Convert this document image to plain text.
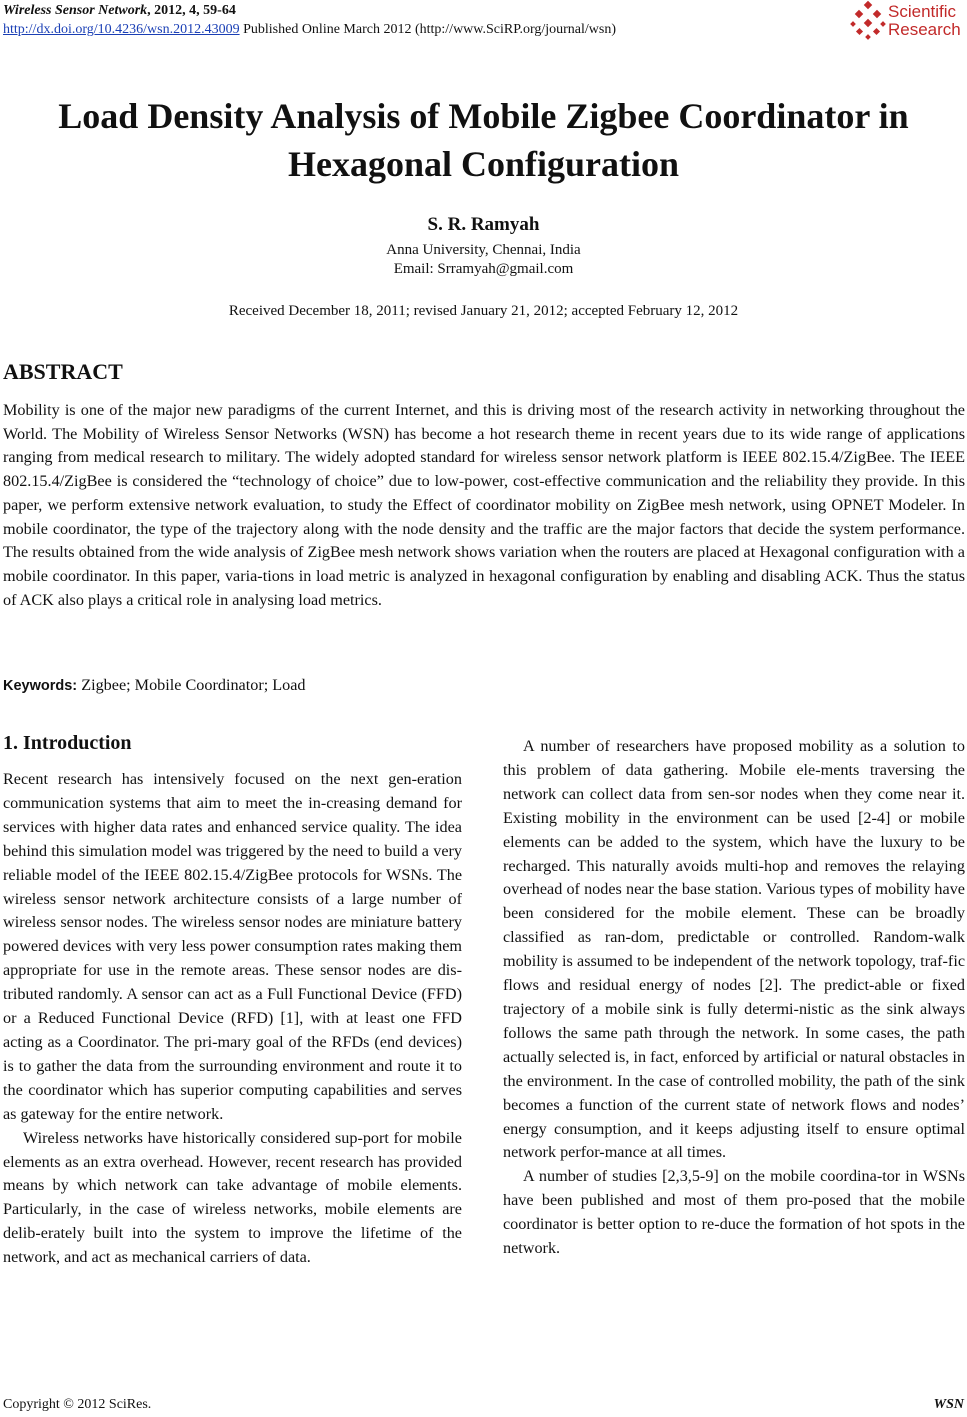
Wireless Sensor Network, 2012, 4, 59-64
http://dx.doi.org/10.4236/wsn.2012.43009 Published Online March 2012 (http://www.SciRP.org/journal/wsn)
Scientific
Research
Load Density Analysis of Mobile Zigbee Coordinator in
Hexagonal Configuration
S. R. Ramyah
Anna University, Chennai, India
Email: Srramyah@gmail.com
Received December 18, 2011; revised January 21, 2012; accepted February 12, 2012
ABSTRACT
Mobility is one of the major new paradigms of the current Internet, and this is driving most of the research activity in networking throughout the World. The Mobility of Wireless Sensor Networks (WSN) has become a hot research theme in recent years due to its wide range of applications ranging from medical research to military. The widely adopted standard for wireless sensor network platform is IEEE 802.15.4/ZigBee. The IEEE 802.15.4/ZigBee is considered the “technology of choice” due to low-power, cost-effective communication and the reliability they provide. In this paper, we perform extensive network evaluation, to study the Effect of coordinator mobility on ZigBee mesh network, using OPNET Modeler. In mobile coordinator, the type of the trajectory along with the node density and the traffic are the major factors that decide the system performance. The results obtained from the wide analysis of ZigBee mesh network shows variation when the routers are placed at Hexagonal configuration with a mobile coordinator. In this paper, varia-tions in load metric is analyzed in hexagonal configuration by enabling and disabling ACK. Thus the status of ACK also plays a critical role in analysing load metrics.
Keywords: Zigbee; Mobile Coordinator; Load
1. Introduction

Recent research has intensively focused on the next gen-eration communication systems that aim to meet the in-creasing demand for services with higher data rates and enhanced service quality. The idea behind this simulation model was triggered by the need to build a very reliable model of the IEEE 802.15.4/ZigBee protocols for WSNs. The wireless sensor network architecture consists of a large number of wireless sensor nodes. The wireless sensor nodes are miniature battery powered devices with very less power consumption rates making them appropriate for use in the remote areas. These sensor nodes are dis-tributed randomly. A sensor can act as a Full Functional Device (FFD) or a Reduced Functional Device (RFD) [1], with at least one FFD acting as a Coordinator. The pri-mary goal of the RFDs (end devices) is to gather the data from the surrounding environment and route it to the coordinator which has superior computing capabilities and serves as gateway for the entire network.

Wireless networks have historically considered sup-port for mobile elements as an extra overhead. However, recent research has provided means by which network can take advantage of mobile elements. Particularly, in the case of wireless networks, mobile elements are delib-erately built into the system to improve the lifetime of the network, and act as mechanical carriers of data.

A number of researchers have proposed mobility as a solution to this problem of data gathering. Mobile ele-ments traversing the network can collect data from sen-sor nodes when they come near it. Existing mobility in the environment can be used [2-4] or mobile elements can be added to the system, which have the luxury to be recharged. This naturally avoids multi-hop and removes the relaying overhead of nodes near the base station. Various types of mobility have been considered for the mobile element. These can be broadly classified as ran-dom, predictable or controlled. Random-walk mobility is assumed to be independent of the network topology, traf-fic flows and residual energy of nodes [2]. The predict-able or fixed trajectory of a mobile sink is fully determi-nistic as the sink always follows the same path through the network. In some cases, the path actually selected is, in fact, enforced by artificial or natural obstacles in the environment. In the case of controlled mobility, the path of the sink becomes a function of the current state of network flows and nodes’ energy consumption, and it keeps adjusting itself to ensure optimal network perfor-mance at all times.

A number of studies [2,3,5-9] on the mobile coordina-tor in WSNs have been published and most of them pro-posed that the mobile coordinator is better option to re-duce the formation of hot spots in the network.

Copyright © 2012 SciRes.	WSN
